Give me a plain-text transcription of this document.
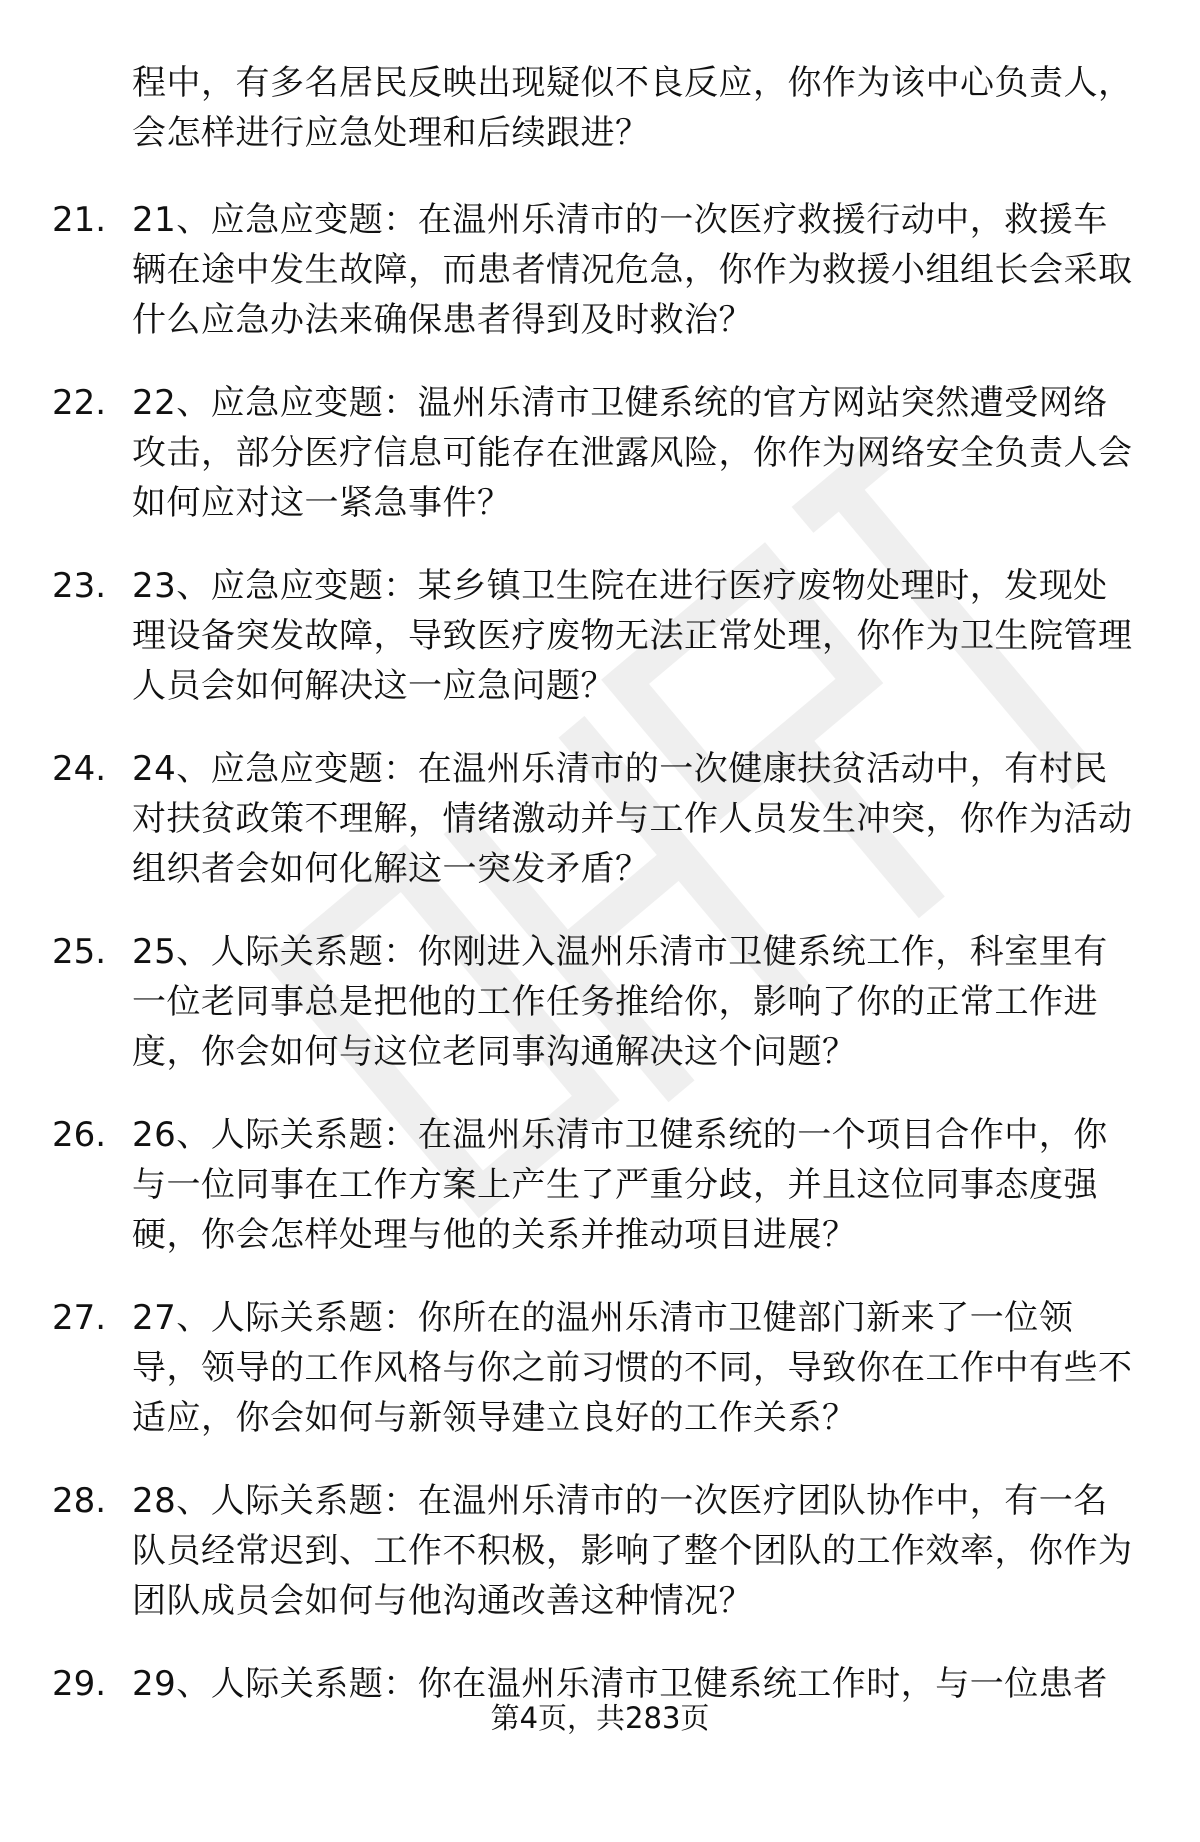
程中，有多名居民反映出现疑似不良反应，你作为该中心负责人，会怎样进行应急处理和后续跟进？
21. 21、应急应变题：在温州乐清市的一次医疗救援行动中，救援车辆在途中发生故障，而患者情况危急，你作为救援小组组长会采取什么应急办法来确保患者得到及时救治？
22. 22、应急应变题：温州乐清市卫健系统的官方网站突然遭受网络攻击，部分医疗信息可能存在泄露风险，你作为网络安全负责人会如何应对这一紧急事件？
23. 23、应急应变题：某乡镇卫生院在进行医疗废物处理时，发现处理设备突发故障，导致医疗废物无法正常处理，你作为卫生院管理人员会如何解决这一应急问题？
24. 24、应急应变题：在温州乐清市的一次健康扶贫活动中，有村民对扶贫政策不理解，情绪激动并与工作人员发生冲突，你作为活动组织者会如何化解这一突发矛盾？
25. 25、人际关系题：你刚进入温州乐清市卫健系统工作，科室里有一位老同事总是把他的工作任务推给你，影响了你的正常工作进度，你会如何与这位老同事沟通解决这个问题？
26. 26、人际关系题：在温州乐清市卫健系统的一个项目合作中，你与一位同事在工作方案上产生了严重分歧，并且这位同事态度强硬，你会怎样处理与他的关系并推动项目进展？
27. 27、人际关系题：你所在的温州乐清市卫健部门新来了一位领导，领导的工作风格与你之前习惯的不同，导致你在工作中有些不适应，你会如何与新领导建立良好的工作关系？
28. 28、人际关系题：在温州乐清市的一次医疗团队协作中，有一名队员经常迟到、工作不积极，影响了整个团队的工作效率，你作为团队成员会如何与他沟通改善这种情况？
29. 29、人际关系题：你在温州乐清市卫健系统工作时，与一位患者
第4页，共283页
